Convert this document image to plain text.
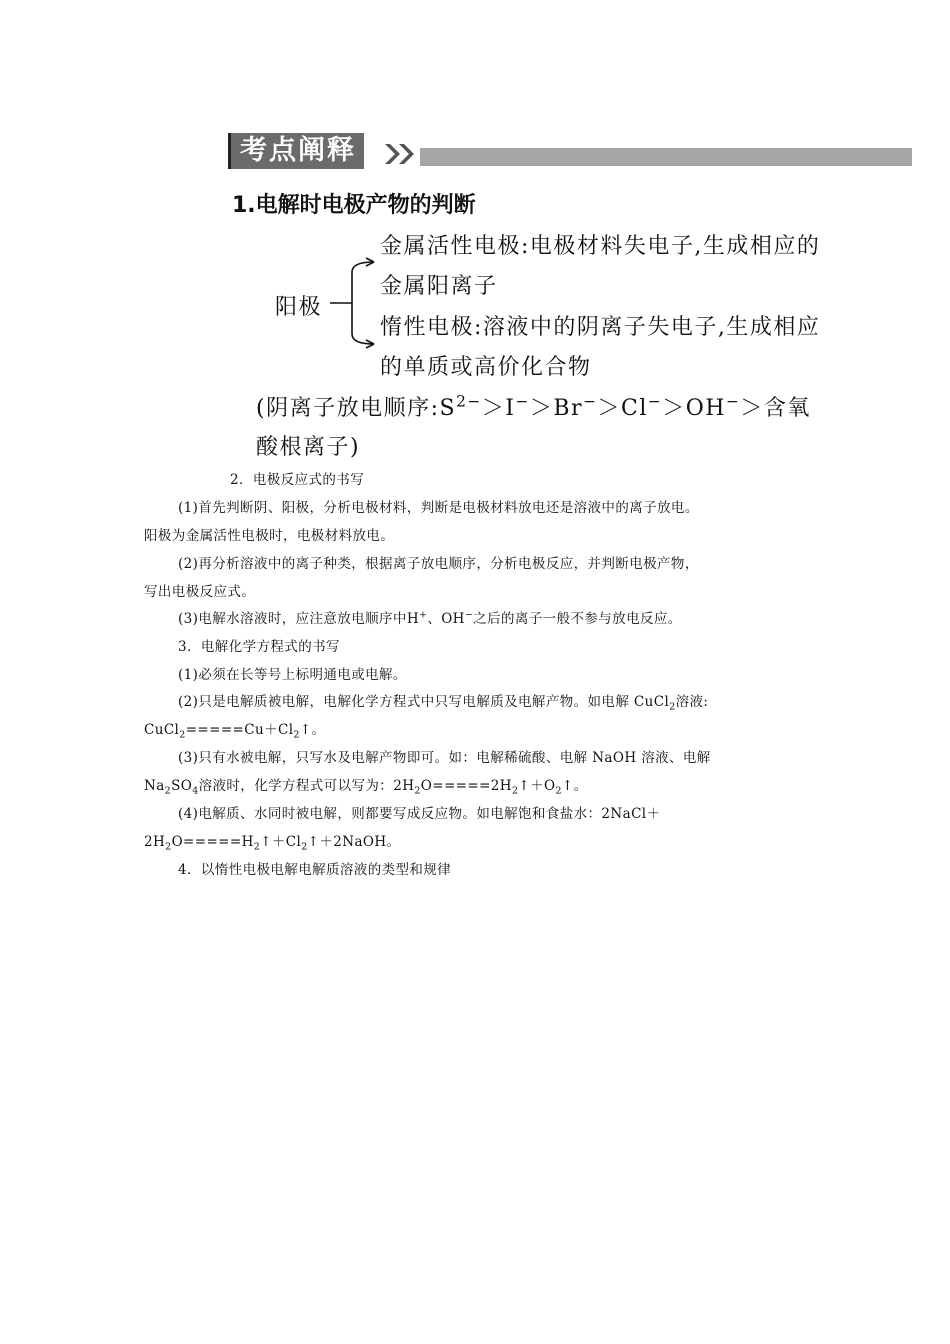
考点阐释
1.电解时电极产物的判断
阳极
金属活性电极:电极材料失电子,生成相应的
金属阳离子
惰性电极:溶液中的阴离子失电子,生成相应
的单质或高价化合物
(阴离子放电顺序$:S^{2-}>I^->Br^->Cl^->OH^->$含氧
酸根离子)
2．电极反应式的书写
(1)首先判断阴、阳极，分析电极材料，判断是电极材料放电还是溶液中的离子放电。
阳极为金属活性电极时，电极材料放电。
(2)再分析溶液中的离子种类，根据离子放电顺序，分析电极反应，并判断电极产物，
写出电极反应式。
(3)电解水溶液时，应注意放电顺序中H+、OH−之后的离子一般不参与放电反应。
3．电解化学方程式的书写
(1)必须在长等号上标明通电或电解。
(2)只是电解质被电解，电解化学方程式中只写电解质及电解产物。如电解 CuCl$_2$溶液:
$CuCl_2=====Cu+Cl_2↑$。
(3)只有水被电解，只写水及电解产物即可。如：电解稀硫酸、电解 NaOH 溶液、电解
$Na_2SO_4$溶液时，化学方程式可以写为：$2H_2O=====2H_2↑+O_2↑$。
(4)电解质、水同时被电解，则都要写成反应物。如电解饱和食盐水：2NaCl＋
$2H_2O=====H_2↑+Cl_2↑+2NaOH$。
4．以惰性电极电解电解质溶液的类型和规律
